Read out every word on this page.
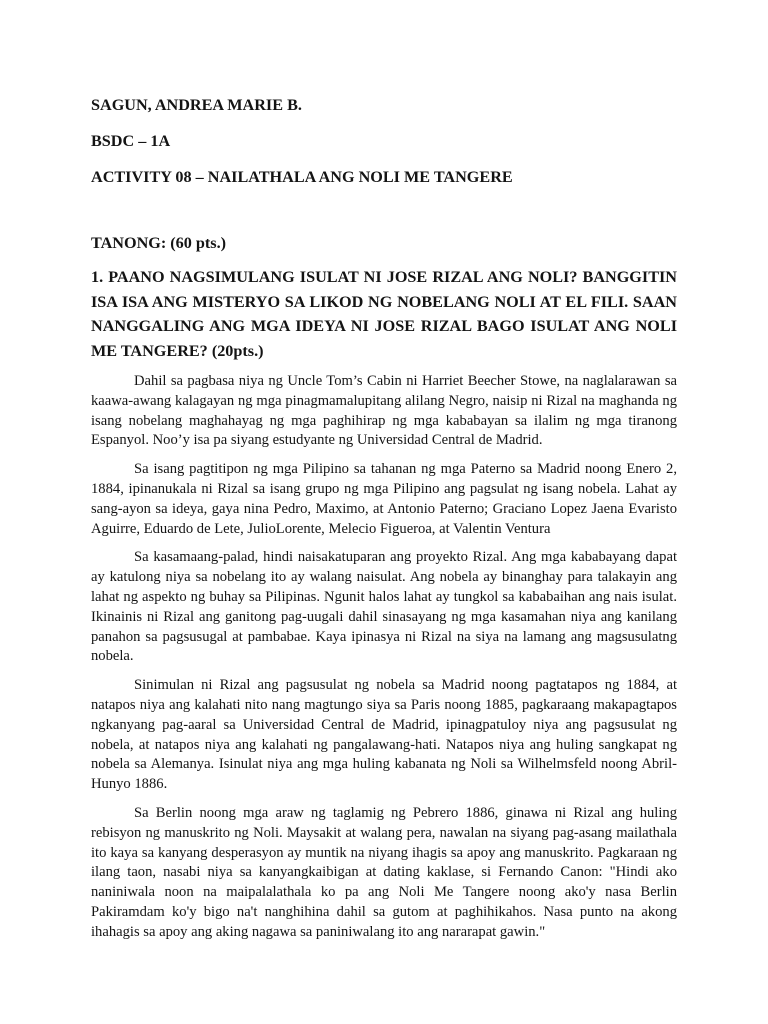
SAGUN, ANDREA MARIE B.

BSDC – 1A

ACTIVITY 08 – NAILATHALA ANG NOLI ME TANGERE

TANONG: (60 pts.)

1. PAANO NAGSIMULANG ISULAT NI JOSE RIZAL ANG NOLI? BANGGITIN ISA ISA ANG MISTERYO SA LIKOD NG NOBELANG NOLI AT EL FILI. SAAN NANGGALING ANG MGA IDEYA NI JOSE RIZAL BAGO ISULAT ANG NOLI ME TANGERE? (20pts.)

Dahil sa pagbasa niya ng Uncle Tom’s Cabin ni Harriet Beecher Stowe, na naglalarawan sa kaawa-awang kalagayan ng mga pinagmamalupitang alilang Negro, naisip ni Rizal na maghanda ng isang nobelang maghahayag ng mga paghihirap ng mga kababayan sa ilalim ng mga tiranong Espanyol. Noo’y isa pa siyang estudyante ng Universidad Central de Madrid.

Sa isang pagtitipon ng mga Pilipino sa tahanan ng mga Paterno sa Madrid noong Enero 2, 1884, ipinanukala ni Rizal sa isang grupo ng mga Pilipino ang pagsulat ng isang nobela. Lahat ay sang-ayon sa ideya, gaya nina Pedro, Maximo, at Antonio Paterno; Graciano Lopez Jaena Evaristo Aguirre, Eduardo de Lete, JulioLorente, Melecio Figueroa, at Valentin Ventura

Sa kasamaang-palad, hindi naisakatuparan ang proyekto Rizal. Ang mga kababayang dapat ay katulong niya sa nobelang ito ay walang naisulat. Ang nobela ay binanghay para talakayin ang lahat ng aspekto ng buhay sa Pilipinas. Ngunit halos lahat ay tungkol sa kababaihan ang nais isulat. Ikinainis ni Rizal ang ganitong pag-uugali dahil sinasayang ng mga kasamahan niya ang kanilang panahon sa pagsusugal at pambabae. Kaya ipinasya ni Rizal na siya na lamang ang magsusulatng nobela.

Sinimulan ni Rizal ang pagsusulat ng nobela sa Madrid noong pagtatapos ng 1884, at natapos niya ang kalahati nito nang magtungo siya sa Paris noong 1885, pagkaraang makapagtapos ngkanyang pag-aaral sa Universidad Central de Madrid, ipinagpatuloy niya ang pagsusulat ng nobela, at natapos niya ang kalahati ng pangalawang-hati. Natapos niya ang huling sangkapat ng nobela sa Alemanya. Isinulat niya ang mga huling kabanata ng Noli sa Wilhelmsfeld noong Abril-Hunyo 1886.

Sa Berlin noong mga araw ng taglamig ng Pebrero 1886, ginawa ni Rizal ang huling rebisyon ng manuskrito ng Noli. Maysakit at walang pera, nawalan na siyang pag-asang mailathala ito kaya sa kanyang desperasyon ay muntik na niyang ihagis sa apoy ang manuskrito. Pagkaraan ng ilang taon, nasabi niya sa kanyangkaibigan at dating kaklase, si Fernando Canon: "Hindi ako naniniwala noon na maipalalathala ko pa ang Noli Me Tangere noong ako'y nasa Berlin Pakiramdam ko'y bigo na't nanghihina dahil sa gutom at paghihikahos. Nasa punto na akong ihahagis sa apoy ang aking nagawa sa paniniwalang ito ang nararapat gawin."
